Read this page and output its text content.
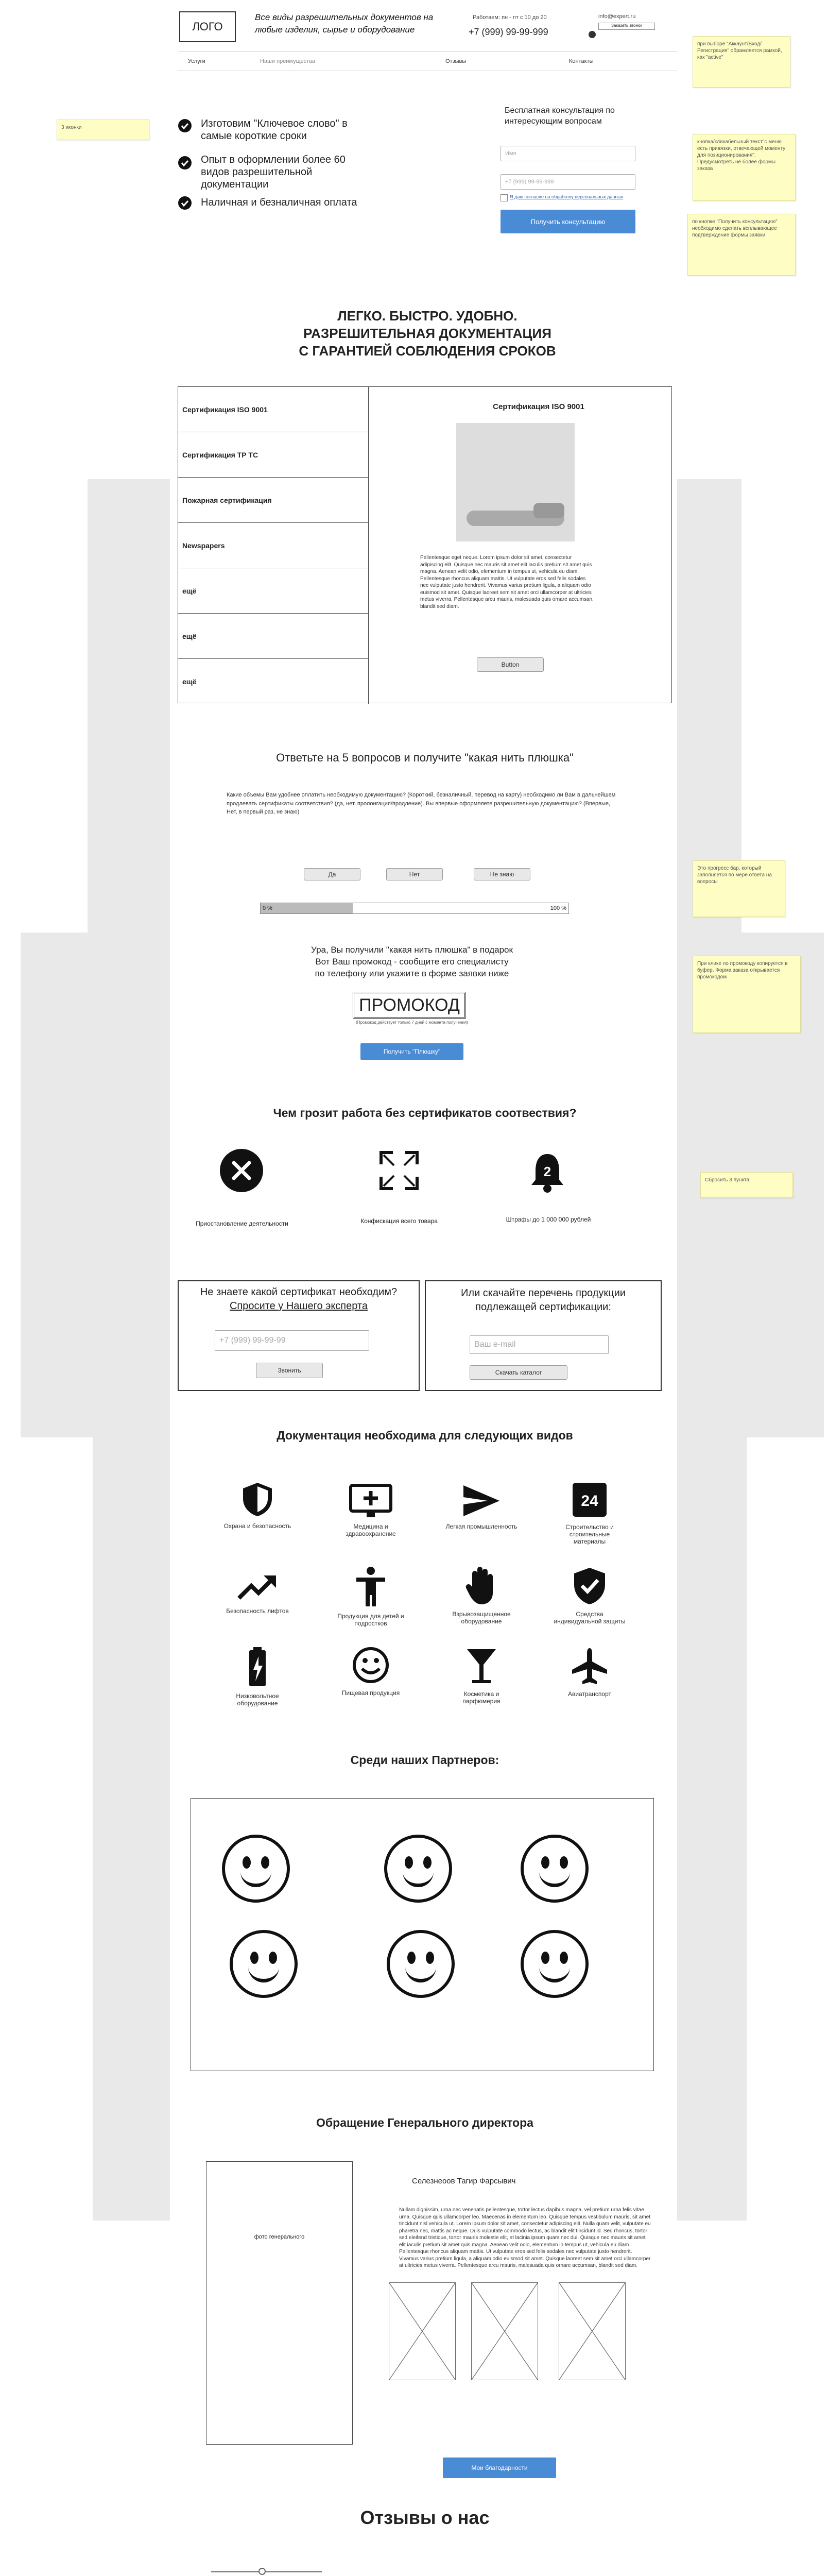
3 иконки
при выборе "Аккаунт/Вход/Регистрация" обрамляется рамкой, как "active"
кнопка/кликабельный текст"с меню есть привязки, отвечающей моменту для позиционирования". Предусмотреть не более формы заказа
по кнопке "Получить консультацию" необходимо сделать всплывающее подтверждение формы заявки
Это прогресс бар, который заполняется по мере ответа на вопросы
При клике по промокоду копируется в буфер. Форма заказа открывается промокодом
Сбросить 3 пункта
ЛОГО
Все виды разрешительных документов на любые изделия, сырье и оборудование
Работаем: пн - пт с 10 до 20
+7 (999) 99-99-999
info@expert.ru
Заказать звонок
Услуги	Наши преимущества	Отзывы	Контакты
Изготовим "Ключевое слово" в самые короткие сроки
Опыт в оформлении более 60 видов разрешительной документации
Наличная и безналичная оплата
Бесплатная консультация по интересующим вопросам
Имя
+7 (999) 99-99-999
Я даю согласие на обработку персональных данных
Получить консультацию
ЛЕГКО. БЫСТРО. УДОБНО.
РАЗРЕШИТЕЛЬНАЯ ДОКУМЕНТАЦИЯ
С ГАРАНТИЕЙ СОБЛЮДЕНИЯ СРОКОВ
Сертификация ISO 9001
Сертификация ТР ТС
Пожарная сертификация
Newspapers
ещё
ещё
ещё
Сертификация ISO 9001
Pellentesque eget neque. Lorem ipsum dolor sit amet, consectetur adipiscing elit. Quisque nec mauris sit amet elit iaculis pretium sit amet quis magna. Aenean velit odio, elementum in tempus ut, vehicula eu diam. Pellentesque rhoncus aliquam mattis. Ut vulputate eros sed felis sodales nec vulputate justo hendrerit. Vivamus varius pretium ligula, a aliquam odio euismod sit amet. Quisque laoreet sem sit amet orci ullamcorper at ultricies metus viverra. Pellentesque arcu mauris, malesuada quis ornare accumsan, blandit sed diam.
Button
Ответьте на 5 вопросов и получите "какая нить плюшка"
Какие объемы Вам удобнее оплатить необходимую документацию? (Короткий, безналичный, перевод на карту) необходимо ли Вам в дальнейшем продлевать сертификаты соответствия? (да, нет, пролонгация/продление). Вы впервые оформляете разрешительную документацию? (Впервые, Нет, в первый раз, не знаю)
Да	Нет	Не знаю
0 %	100 %
Ура, Вы получили "какая нить плюшка" в подарок
Вот Ваш промокод - сообщите его специалисту
по телефону или укажите в форме заявки ниже
ПРОМОКОД
(Промокод действует только 7 дней с момента получения)
Получить "Плюшку"
Чем грозит работа без сертификатов соотвествия?
Приостановление деятельности	Конфискация всего товара
2
Штрафы до 1 000 000 рублей
Не знаете какой сертификат необходим?
Спросите у Нашего эксперта
+7 (999) 99-99-99
Звонить
Или скачайте перечень продукции подлежащей сертификации:
Ваш e-mail
Скачать каталог
Документация необходима для следующих видов
Охрана и безопасность	Медицина и здравоохранение
Легкая промышленность
24
Строительство и строительные материалы
Безопасность лифтов
Продукция для детей и подростков
Взрывозащищенное оборудование
Средства индивидуальной защиты
Низковольтное оборудование
Пищевая продукция	Косметика и парфюмерия
Авиатранспорт
Среди наших Партнеров:
Обращение Генерального директора
фото генерального
Селезнеоов Тагир Фарсывич
Nullam dignissim, urna nec venenatis pellentesque, tortor lectus dapibus magna, vel pretium urna felis vitae urna. Quisque quis ullamcorper leo. Maecenas in elementum leo. Quisque tempus vestibulum mauris, sit amet tincidunt nisl vehicula ut. Lorem ipsum dolor sit amet, consectetur adipiscing elit. Nulla quam velit, vulputate eu pharetra nec, mattis ac neque. Duis vulputate commodo lectus, ac blandit elit tincidunt id. Sed rhoncus, tortor sed eleifend tristique, tortor mauris molestie elit, et lacinia ipsum quam nec dui. Quisque nec mauris sit amet elit iaculis pretium sit amet quis magna. Aenean velit odio, elementum in tempus ut, vehicula eu diam. Pellentesque rhoncus aliquam mattis. Ut vulputate eros sed felis sodales nec vulputate justo hendrerit. Vivamus varius pretium ligula, a aliquam odio euismod sit amet. Quisque laoreet sem sit amet orci ullamcorper at ultricies metus viverra. Pellentesque arcu mauris, malesuada quis ornare accumsan, blandit sed diam.
Мои благодарности
Отзывы о нас
